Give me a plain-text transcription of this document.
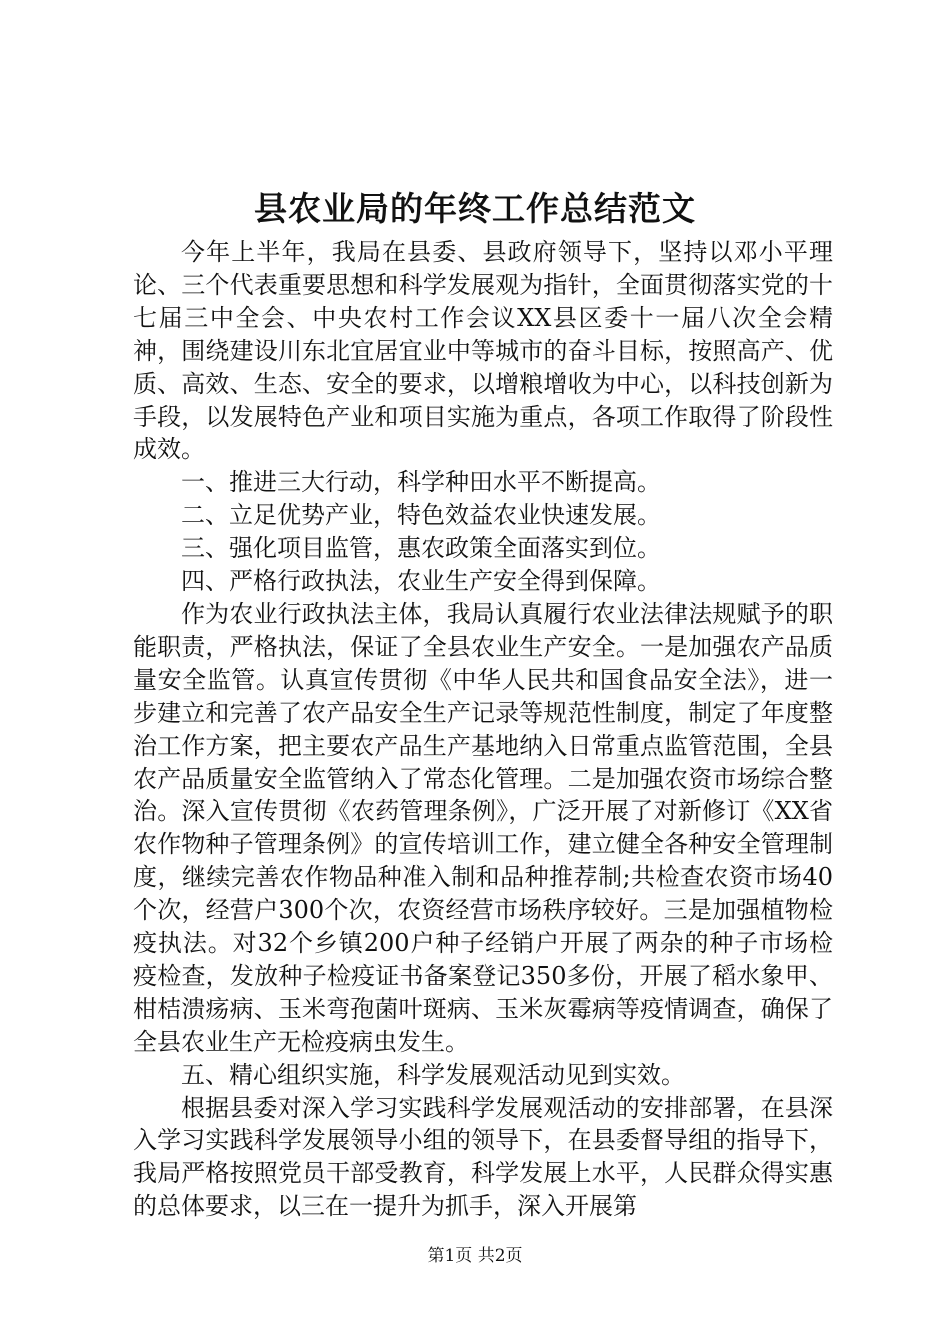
县农业局的年终工作总结范文

今年上半年，我局在县委、县政府领导下，坚持以邓小平理论、三个代表重要思想和科学发展观为指针，全面贯彻落实党的十七届三中全会、中央农村工作会议XX县区委十一届八次全会精神，围绕建设川东北宜居宜业中等城市的奋斗目标，按照高产、优质、高效、生态、安全的要求，以增粮增收为中心，以科技创新为手段，以发展特色产业和项目实施为重点，各项工作取得了阶段性成效。

一、推进三大行动，科学种田水平不断提高。

二、立足优势产业，特色效益农业快速发展。

三、强化项目监管，惠农政策全面落实到位。

四、严格行政执法，农业生产安全得到保障。

作为农业行政执法主体，我局认真履行农业法律法规赋予的职能职责，严格执法，保证了全县农业生产安全。一是加强农产品质量安全监管。认真宣传贯彻《中华人民共和国食品安全法》，进一步建立和完善了农产品安全生产记录等规范性制度，制定了年度整治工作方案，把主要农产品生产基地纳入日常重点监管范围，全县农产品质量安全监管纳入了常态化管理。二是加强农资市场综合整治。深入宣传贯彻《农药管理条例》，广泛开展了对新修订《XX省农作物种子管理条例》的宣传培训工作，建立健全各种安全管理制度，继续完善农作物品种准入制和品种推荐制;共检查农资市场40个次，经营户300个次，农资经营市场秩序较好。三是加强植物检疫执法。对32个乡镇200户种子经销户开展了两杂的种子市场检疫检查，发放种子检疫证书备案登记350多份，开展了稻水象甲、柑桔溃疡病、玉米弯孢菌叶斑病、玉米灰霉病等疫情调查，确保了全县农业生产无检疫病虫发生。

五、精心组织实施，科学发展观活动见到实效。

根据县委对深入学习实践科学发展观活动的安排部署，在县深入学习实践科学发展领导小组的领导下，在县委督导组的指导下，我局严格按照党员干部受教育，科学发展上水平，人民群众得实惠的总体要求，以三在一提升为抓手，深入开展第

第1页 共2页
